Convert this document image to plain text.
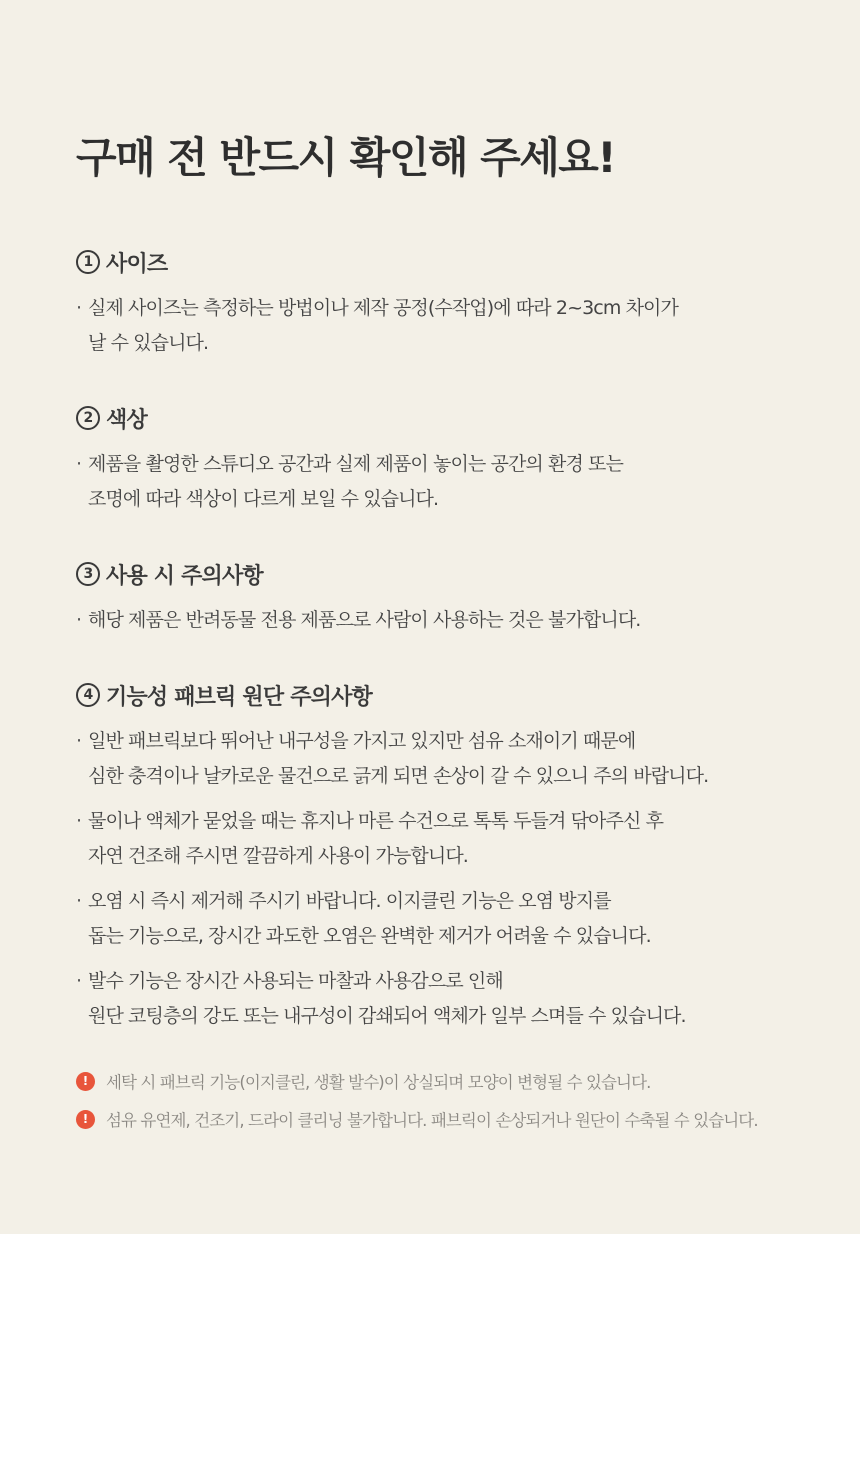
구매 전 반드시 확인해 주세요!
1 사이즈
· 실제 사이즈는 측정하는 방법이나 제작 공정(수작업)에 따라 2~3cm 차이가
날 수 있습니다.
2 색상
· 제품을 촬영한 스튜디오 공간과 실제 제품이 놓이는 공간의 환경 또는
조명에 따라 색상이 다르게 보일 수 있습니다.
3 사용 시 주의사항
· 해당 제품은 반려동물 전용 제품으로 사람이 사용하는 것은 불가합니다.
4 기능성 패브릭 원단 주의사항
· 일반 패브릭보다 뛰어난 내구성을 가지고 있지만 섬유 소재이기 때문에
심한 충격이나 날카로운 물건으로 긁게 되면 손상이 갈 수 있으니 주의 바랍니다.
· 물이나 액체가 묻었을 때는 휴지나 마른 수건으로 톡톡 두들겨 닦아주신 후
자연 건조해 주시면 깔끔하게 사용이 가능합니다.
· 오염 시 즉시 제거해 주시기 바랍니다. 이지클린 기능은 오염 방지를
돕는 기능으로, 장시간 과도한 오염은 완벽한 제거가 어려울 수 있습니다.
· 발수 기능은 장시간 사용되는 마찰과 사용감으로 인해
원단 코팅층의 강도 또는 내구성이 감쇄되어 액체가 일부 스며들 수 있습니다.
!	세탁 시 패브릭 기능(이지클린, 생활 발수)이 상실되며 모양이 변형될 수 있습니다.
!	섬유 유연제, 건조기, 드라이 클리닝 불가합니다. 패브릭이 손상되거나 원단이 수축될 수 있습니다.
